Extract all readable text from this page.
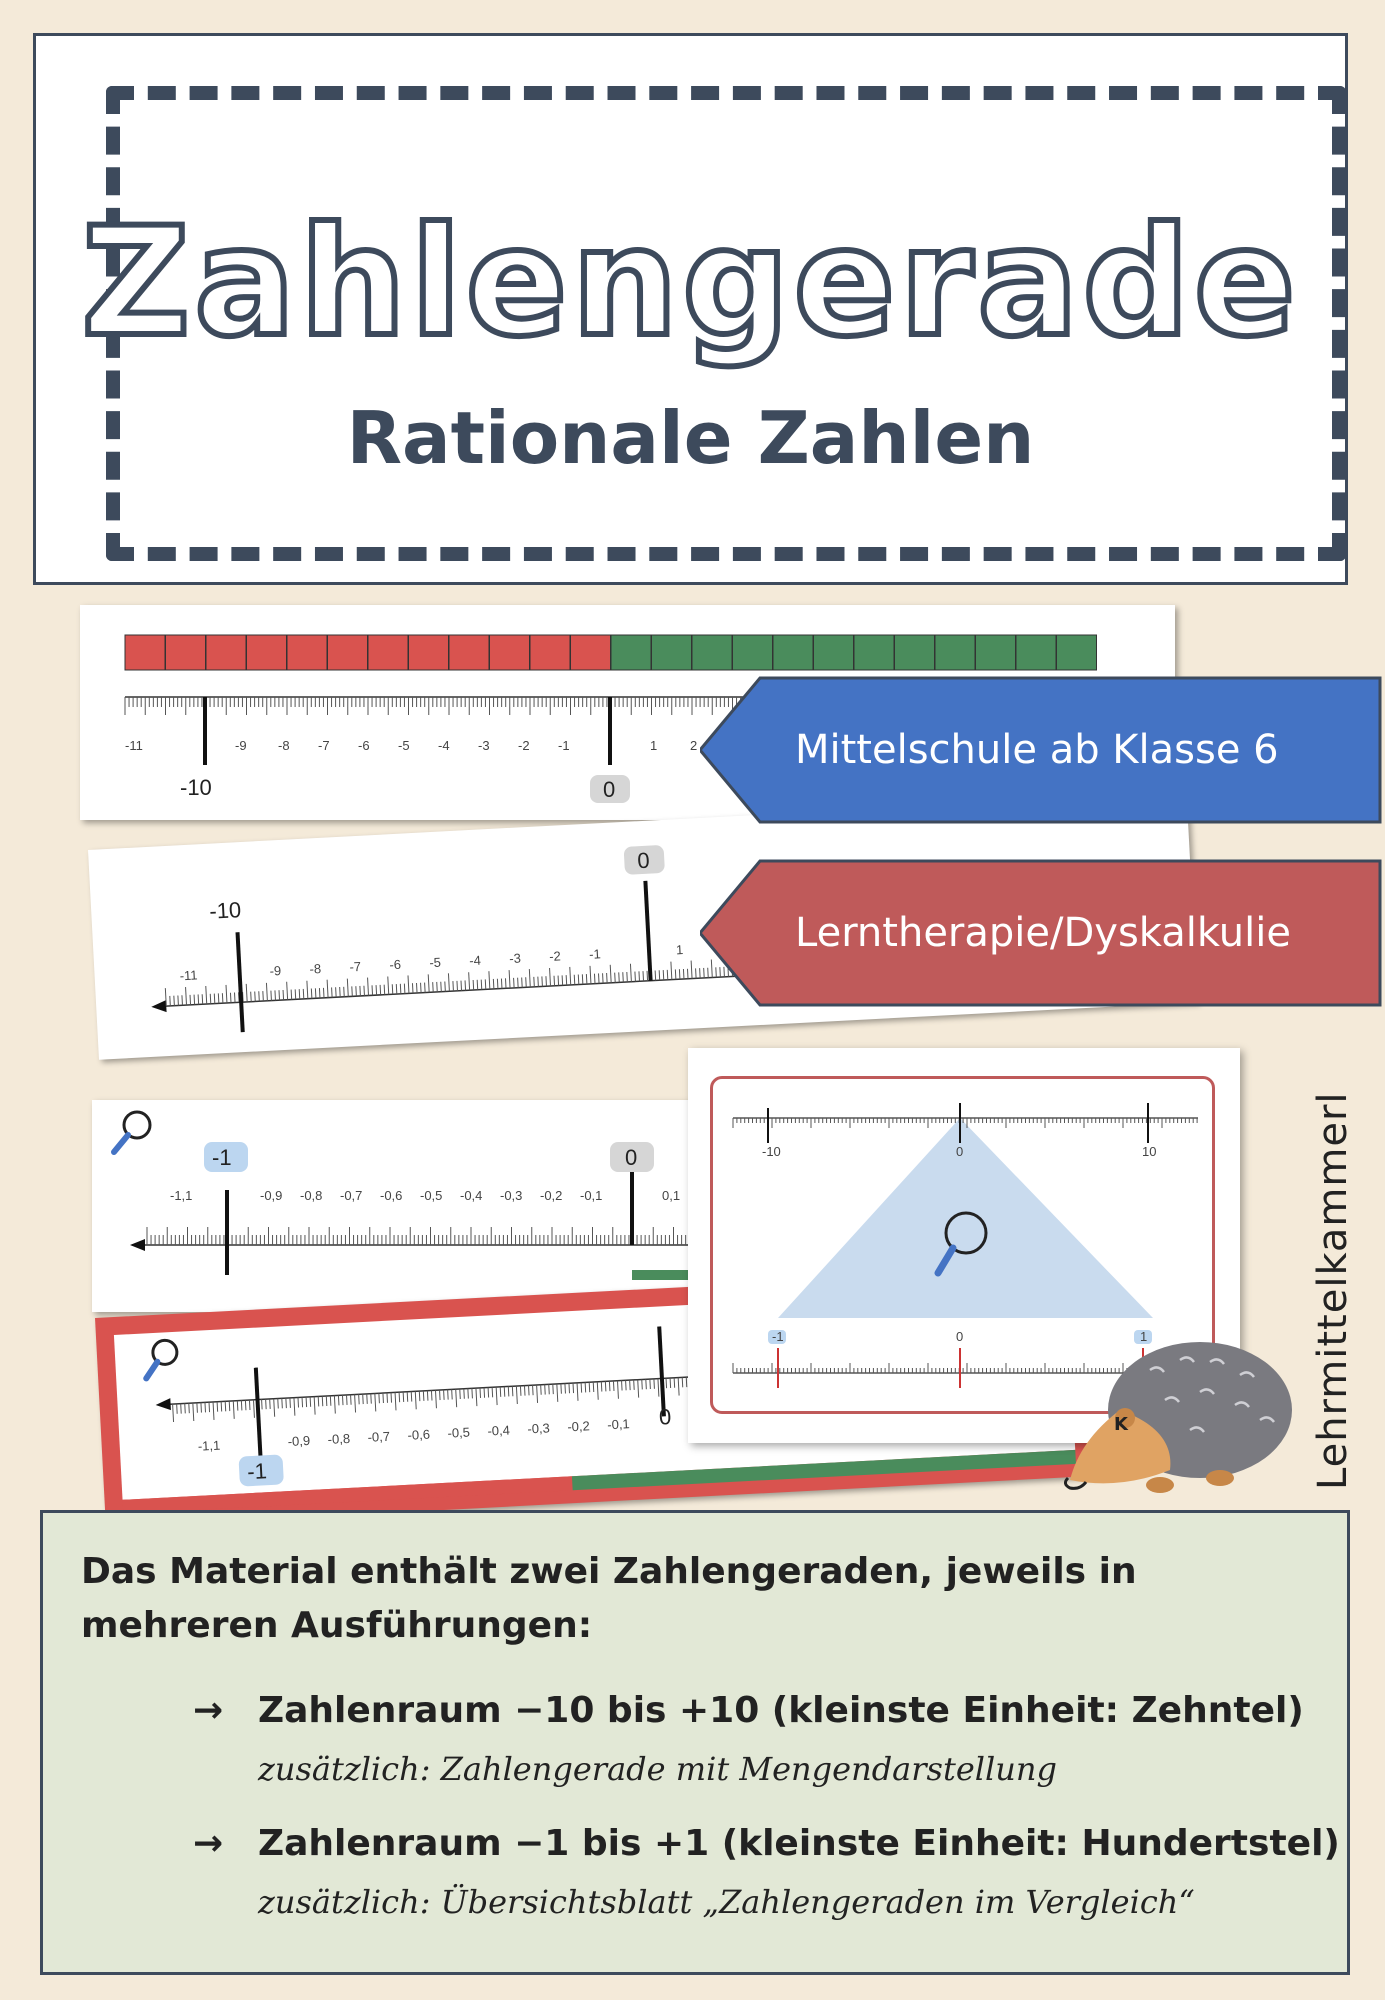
Zahlengerade
Rationale Zahlen
-11	-9 -8 -7 -6 -5 -4 -3 -2 -1	1	2
-10	0
-11	-9 -8 -7 -6 -5 -4 -3 -2 -1	1
-10
0
-1,1	-0,9 -0,8 -0,7 -0,6 -0,5 -0,4 -0,3 -0,2 -0,1	0,1
-1	0
-1,1	-0,9 -0,8 -0,7 -0,6 -0,5 -0,4 -0,3 -0,2 -0,1
-1
0
Mittelschule ab Klasse 6
Lerntherapie/Dyskalkulie
-10	10
0
-1	0	1
K	Lehrmittelkammerl
Das Material enthält zwei Zahlengeraden, jeweils in mehreren Ausführungen:
→ Zahlenraum −10 bis +10 (kleinste Einheit: Zehntel)
zusätzlich: Zahlengerade mit Mengendarstellung
→ Zahlenraum −1 bis +1 (kleinste Einheit: Hundertstel)
zusätzlich: Übersichtsblatt „Zahlengeraden im Vergleich“
